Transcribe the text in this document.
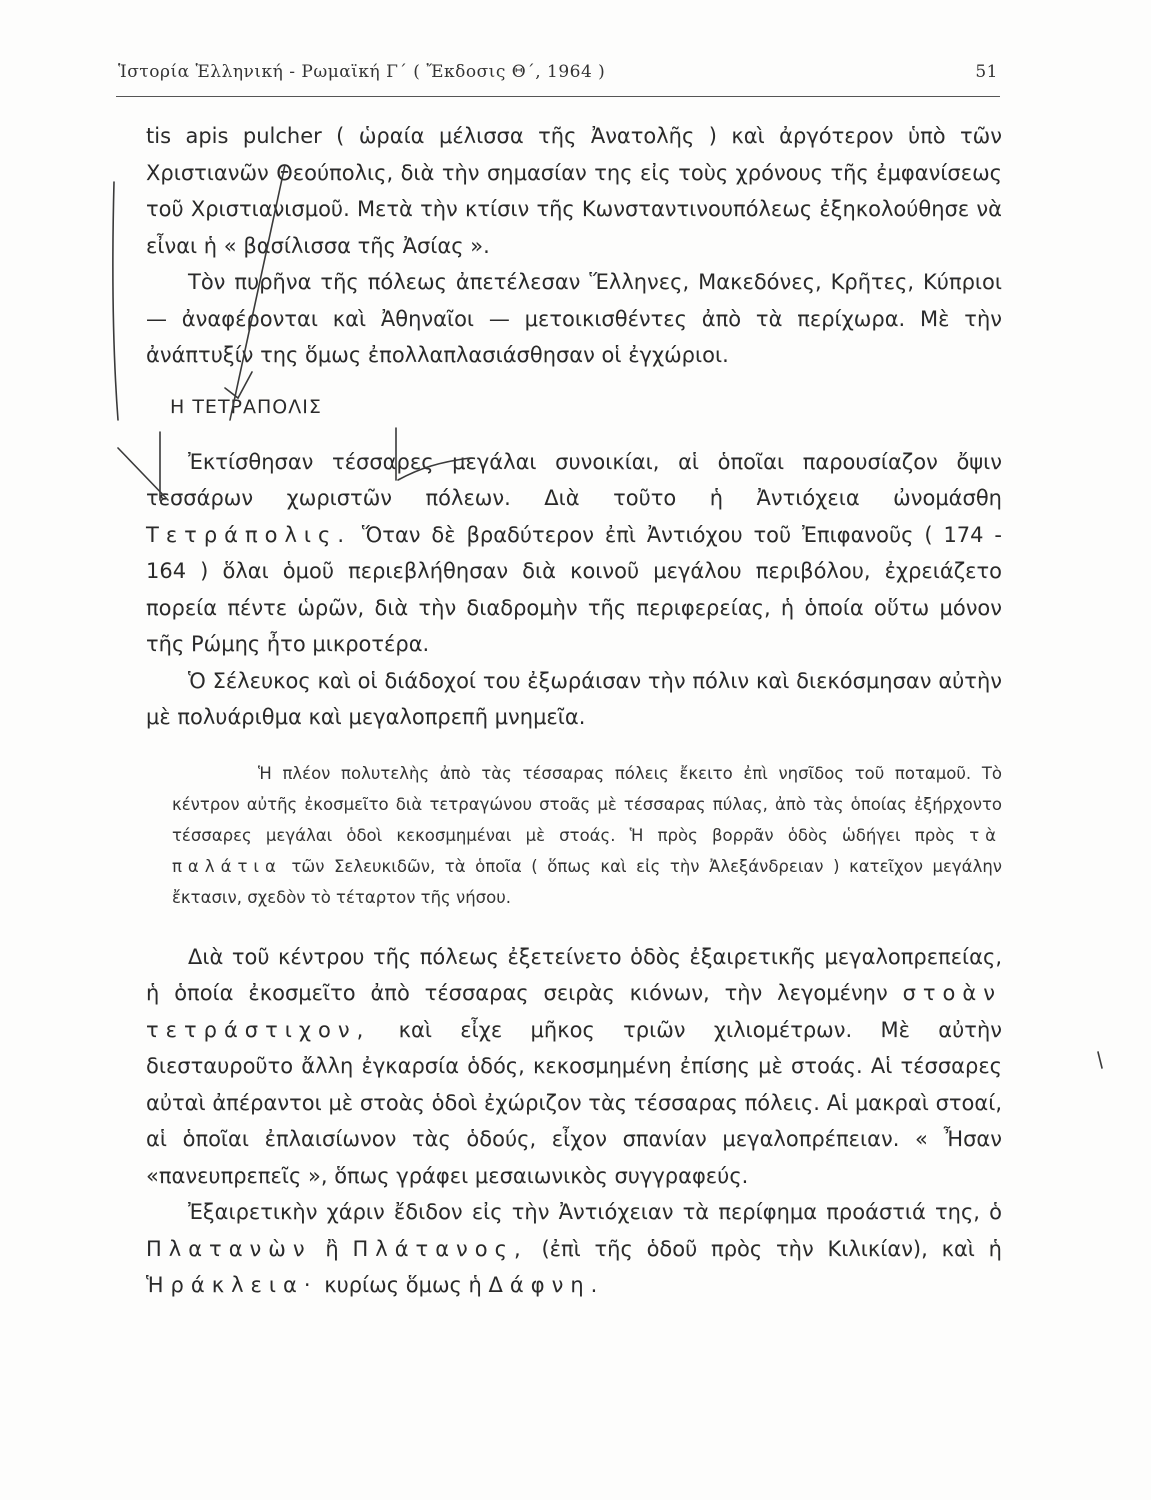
Ἱστορία Ἑλληνική - Ρωμαϊκή Γ΄ ( Ἔκδοσις Θ΄, 1964 )	51

tis apis pulcher ( ὡραία μέλισσα τῆς Ἀνατολῆς ) καὶ ἀργότερον ὑπὸ τῶν Χριστιανῶν Θεούπολις, διὰ τὴν σημασίαν της εἰς τοὺς χρόνους τῆς ἐμφανίσεως τοῦ Χριστιανισμοῦ. Μετὰ τὴν κτίσιν τῆς Κωνσταντινουπόλεως ἐξηκολούθησε νὰ εἶναι ἡ « βασίλισσα τῆς Ἀσίας ».

Τὸν πυρῆνα τῆς πόλεως ἀπετέλεσαν Ἕλληνες, Μακεδόνες, Κρῆτες, Κύπριοι — ἀναφέρονται καὶ Ἀθηναῖοι — μετοικισθέντες ἀπὸ τὰ περίχωρα. Μὲ τὴν ἀνάπτυξίν της ὅμως ἐπολλαπλασιάσθησαν οἱ ἐγχώριοι.

Η ΤΕΤΡΑΠΟΛΙΣ

Ἐκτίσθησαν τέσσαρες μεγάλαι συνοικίαι, αἱ ὁποῖαι παρουσίαζον ὄψιν τεσσάρων χωριστῶν πόλεων. Διὰ τοῦτο ἡ Ἀντιόχεια ὠνομάσθη Τετράπολις. Ὅταν δὲ βραδύτερον ἐπὶ Ἀντιόχου τοῦ Ἐπιφανοῦς ( 174 - 164 ) ὅλαι ὁμοῦ περιεβλήθησαν διὰ κοινοῦ μεγάλου περιβόλου, ἐχρειάζετο πορεία πέντε ὡρῶν, διὰ τὴν διαδρομὴν τῆς περιφερείας, ἡ ὁποία οὕτω μόνον τῆς Ρώμης ἦτο μικροτέρα.

Ὁ Σέλευκος καὶ οἱ διάδοχοί του ἐξωράισαν τὴν πόλιν καὶ διεκόσμησαν αὐτὴν μὲ πολυάριθμα καὶ μεγαλοπρεπῆ μνημεῖα.

Ἡ πλέον πολυτελὴς ἀπὸ τὰς τέσσαρας πόλεις ἔκειτο ἐπὶ νησῖδος τοῦ ποταμοῦ. Τὸ κέντρον αὐτῆς ἐκοσμεῖτο διὰ τετραγώνου στοᾶς μὲ τέσσαρας πύλας, ἀπὸ τὰς ὁποίας ἐξήρχοντο τέσσαρες μεγάλαι ὁδοὶ κεκοσμημέναι μὲ στοάς. Ἡ πρὸς βορρᾶν ὁδὸς ὡδήγει πρὸς τὰ παλάτια τῶν Σελευκιδῶν, τὰ ὁποῖα ( ὅπως καὶ εἰς τὴν Ἀλεξάνδρειαν ) κατεῖχον μεγάλην ἔκτασιν, σχεδὸν τὸ τέταρτον τῆς νήσου.

Διὰ τοῦ κέντρου τῆς πόλεως ἐξετείνετο ὁδὸς ἐξαιρετικῆς μεγαλοπρεπείας, ἡ ὁποία ἐκοσμεῖτο ἀπὸ τέσσαρας σειρὰς κιόνων, τὴν λεγομένην στοὰν τετράστιχον, καὶ εἶχε μῆκος τριῶν χιλιομέτρων. Μὲ αὐτὴν διεσταυροῦτο ἄλλη ἐγκαρσία ὁδός, κεκοσμημένη ἐπίσης μὲ στοάς. Αἱ τέσσαρες αὐταὶ ἀπέραντοι μὲ στοὰς ὁδοὶ ἐχώριζον τὰς τέσσαρας πόλεις. Αἱ μακραὶ στοαί, αἱ ὁποῖαι ἐπλαισίωνον τὰς ὁδούς, εἶχον σπανίαν μεγαλοπρέπειαν. « Ἦσαν «πανευπρεπεῖς », ὅπως γράφει μεσαιωνικὸς συγγραφεύς.

Ἐξαιρετικὴν χάριν ἔδιδον εἰς τὴν Ἀντιόχειαν τὰ περίφημα προάστιά της, ὁ Πλατανὼν ἢ Πλάτανος, (ἐπὶ τῆς ὁδοῦ πρὸς τὴν Κιλικίαν), καὶ ἡ Ἡράκλεια· κυρίως ὅμως ἡ Δάφνη.
